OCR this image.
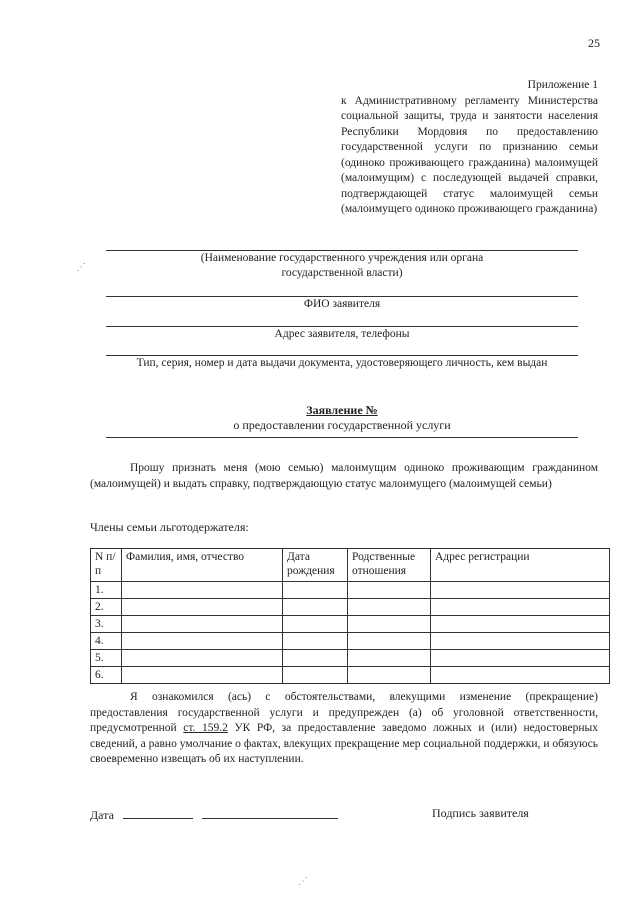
25
Приложение 1
к Административному регламенту Министерства социальной защиты, труда и занятости населения Республики Мордовия по предоставлению государственной услуги по признанию семьи (одиноко проживающего гражданина) малоимущей (малоимущим) с последующей выдачей справки, подтверждающей статус малоимущей семьи (малоимущего одиноко проживающего гражданина)
(Наименование государственного учреждения или органа государственной власти)
ФИО заявителя
Адрес заявителя, телефоны
Тип, серия, номер и дата выдачи документа, удостоверяющего личность, кем выдан
Заявление №
о предоставлении государственной услуги
Прошу признать меня (мою семью) малоимущим одиноко проживающим гражданином (малоимущей) и выдать справку, подтверждающую статус малоимущего (малоимущей семьи)
Члены семьи льготодержателя:
N п/п	Фамилия, имя, отчество	Дата рождения	Родственные отношения	Адрес регистрации
1.				
2.				
3.				
4.				
5.				
6.				
Я ознакомился (ась) с обстоятельствами, влекущими изменение (прекращение) предоставления государственной услуги и предупрежден (а) об уголовной ответственности, предусмотренной ст. 159.2 УК РФ, за предоставление заведомо ложных и (или) недостоверных сведений, а равно умолчание о фактах, влекущих прекращение мер социальной поддержки, и обязуюсь своевременно извещать об их наступлении.
Дата	Подпись заявителя
⋰
⋰
